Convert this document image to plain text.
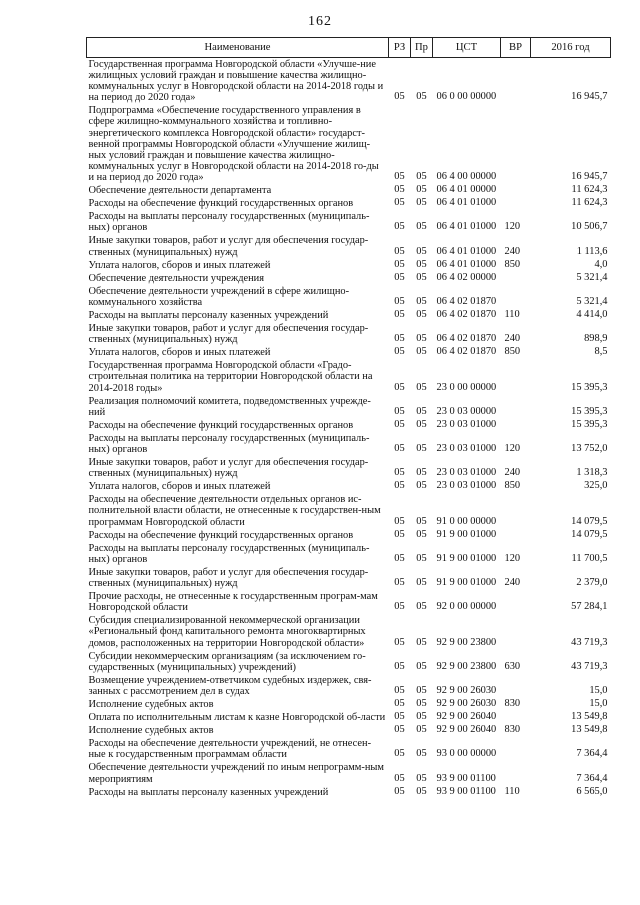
162
Наименование	РЗ	Пр	ЦСТ	ВР	2016 год
Государственная программа Новгородской области «Улучше-ние жилищных условий граждан и повышение качества жилищно-коммунальных услуг в Новгородской области на 2014-2018 годы и на период до 2020 года»	05	05	06 0 00 00000		16 945,7
Подпрограмма «Обеспечение государственного управления в сфере жилищно-коммунального хозяйства и топливно-энергетического комплекса Новгородской области» государст-венной программы Новгородской области «Улучшение жилищ-ных условий граждан и повышение качества жилищно-коммунальных услуг в Новгородской области на 2014-2018 го-ды и на период до 2020 года»	05	05	06 4 00 00000		16 945,7
Обеспечение деятельности департамента	05	05	06 4 01 00000		11 624,3
Расходы на обеспечение функций государственных органов	05	05	06 4 01 01000		11 624,3
Расходы на выплаты персоналу государственных (муниципаль-ных) органов	05	05	06 4 01 01000	120	10 506,7
Иные закупки товаров, работ и услуг для обеспечения государ-ственных (муниципальных) нужд	05	05	06 4 01 01000	240	1 113,6
Уплата налогов, сборов и иных платежей	05	05	06 4 01 01000	850	4,0
Обеспечение деятельности учреждения	05	05	06 4 02 00000		5 321,4
Обеспечение деятельности учреждений в сфере жилищно-коммунального хозяйства	05	05	06 4 02 01870		5 321,4
Расходы на выплаты персоналу казенных учреждений	05	05	06 4 02 01870	110	4 414,0
Иные закупки товаров, работ и услуг для обеспечения государ-ственных (муниципальных) нужд	05	05	06 4 02 01870	240	898,9
Уплата налогов, сборов и иных платежей	05	05	06 4 02 01870	850	8,5
Государственная программа Новгородской области «Градо-строительная политика на территории Новгородской области на 2014-2018 годы»	05	05	23 0 00 00000		15 395,3
Реализация полномочий комитета, подведомственных учрежде-ний	05	05	23 0 03 00000		15 395,3
Расходы на обеспечение функций государственных органов	05	05	23 0 03 01000		15 395,3
Расходы на выплаты персоналу государственных (муниципаль-ных) органов	05	05	23 0 03 01000	120	13 752,0
Иные закупки товаров, работ и услуг для обеспечения государ-ственных (муниципальных) нужд	05	05	23 0 03 01000	240	1 318,3
Уплата налогов, сборов и иных платежей	05	05	23 0 03 01000	850	325,0
Расходы на обеспечение деятельности отдельных органов ис-полнительной власти области, не отнесенные к государствен-ным программам Новгородской области	05	05	91 0 00 00000		14 079,5
Расходы на обеспечение функций государственных органов	05	05	91 9 00 01000		14 079,5
Расходы на выплаты персоналу государственных (муниципаль-ных) органов	05	05	91 9 00 01000	120	11 700,5
Иные закупки товаров, работ и услуг для обеспечения государ-ственных (муниципальных) нужд	05	05	91 9 00 01000	240	2 379,0
Прочие расходы, не отнесенные к государственным програм-мам Новгородской области	05	05	92 0 00 00000		57 284,1
Субсидия специализированной некоммерческой организации «Региональный фонд капитального ремонта многоквартирных домов, расположенных на территории Новгородской области»	05	05	92 9 00 23800		43 719,3
Субсидии некоммерческим организациям (за исключением го-сударственных (муниципальных) учреждений)	05	05	92 9 00 23800	630	43 719,3
Возмещение учреждением-ответчиком судебных издержек, свя-занных с рассмотрением дел в судах	05	05	92 9 00 26030		15,0
Исполнение судебных актов	05	05	92 9 00 26030	830	15,0
Оплата по исполнительным листам к казне Новгородской об-ласти	05	05	92 9 00 26040		13 549,8
Исполнение судебных актов	05	05	92 9 00 26040	830	13 549,8
Расходы на обеспечение деятельности учреждений, не отнесен-ные к государственным программам области	05	05	93 0 00 00000		7 364,4
Обеспечение деятельности учреждений по иным непрограмм-ным мероприятиям	05	05	93 9 00 01100		7 364,4
Расходы на выплаты персоналу казенных учреждений	05	05	93 9 00 01100	110	6 565,0
